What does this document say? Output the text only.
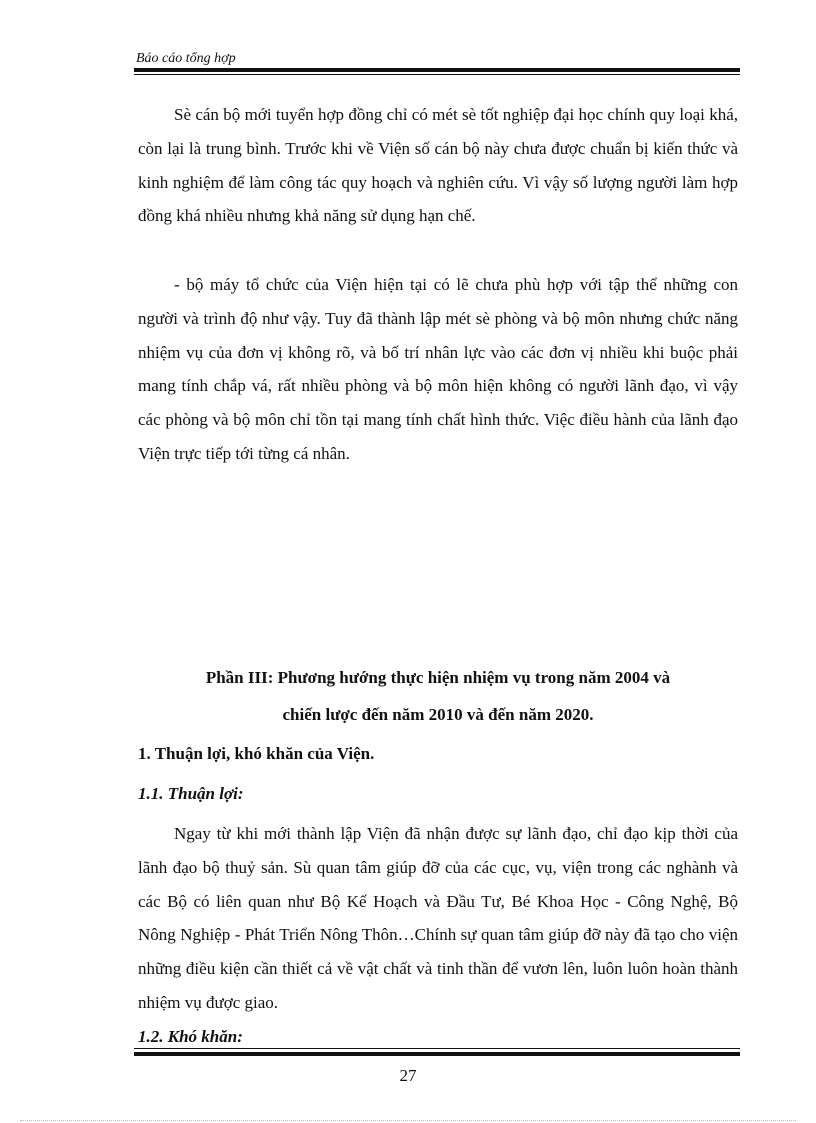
Báo cáo tổng hợp

Sè cán bộ mới tuyển hợp đồng chỉ có mét sè tốt nghiệp đại học chính quy loại khá, còn lại là trung bình. Trước khi về Viện số cán bộ này chưa được chuẩn bị kiến thức và kinh nghiệm để làm công tác quy hoạch và nghiên cứu. Vì vậy số lượng người làm hợp đồng khá nhiều nhưng khả năng sử dụng hạn chế.

- bộ máy tổ chức của Viện hiện tại có lẽ chưa phù hợp với tập thể những con người và trình độ như vậy. Tuy đã thành lập mét sè phòng và bộ môn nhưng chức năng nhiệm vụ của đơn vị không rõ, và bố trí nhân lực vào các đơn vị nhiều khi buộc phải mang tính chắp vá, rất nhiều phòng và bộ môn hiện không có người lãnh đạo, vì vậy các phòng và bộ môn chỉ tồn tại mang tính chất hình thức. Việc điều hành của lãnh đạo Viện trực tiếp tới từng cá nhân.

Phần III: Phương hướng thực hiện nhiệm vụ trong năm 2004 và

chiến lược đến năm 2010 và đến năm 2020.

1. Thuận lợi, khó khăn của Viện.

1.1. Thuận lợi:

Ngay từ khi mới thành lập Viện đã nhận được sự lãnh đạo, chỉ đạo kịp thời của lãnh đạo bộ thuỷ sản. Sù quan tâm giúp đỡ của các cục, vụ, viện trong các nghành và các Bộ có liên quan như Bộ Kế Hoạch và Đầu Tư, Bé Khoa Học - Công Nghệ, Bộ Nông Nghiệp - Phát Triển Nông Thôn…Chính sự quan tâm giúp đỡ này đã tạo cho viện những điều kiện cần thiết cả về vật chất và tinh thần để vươn lên, luôn luôn hoàn thành nhiệm vụ được giao.

1.2. Khó khăn:

27
